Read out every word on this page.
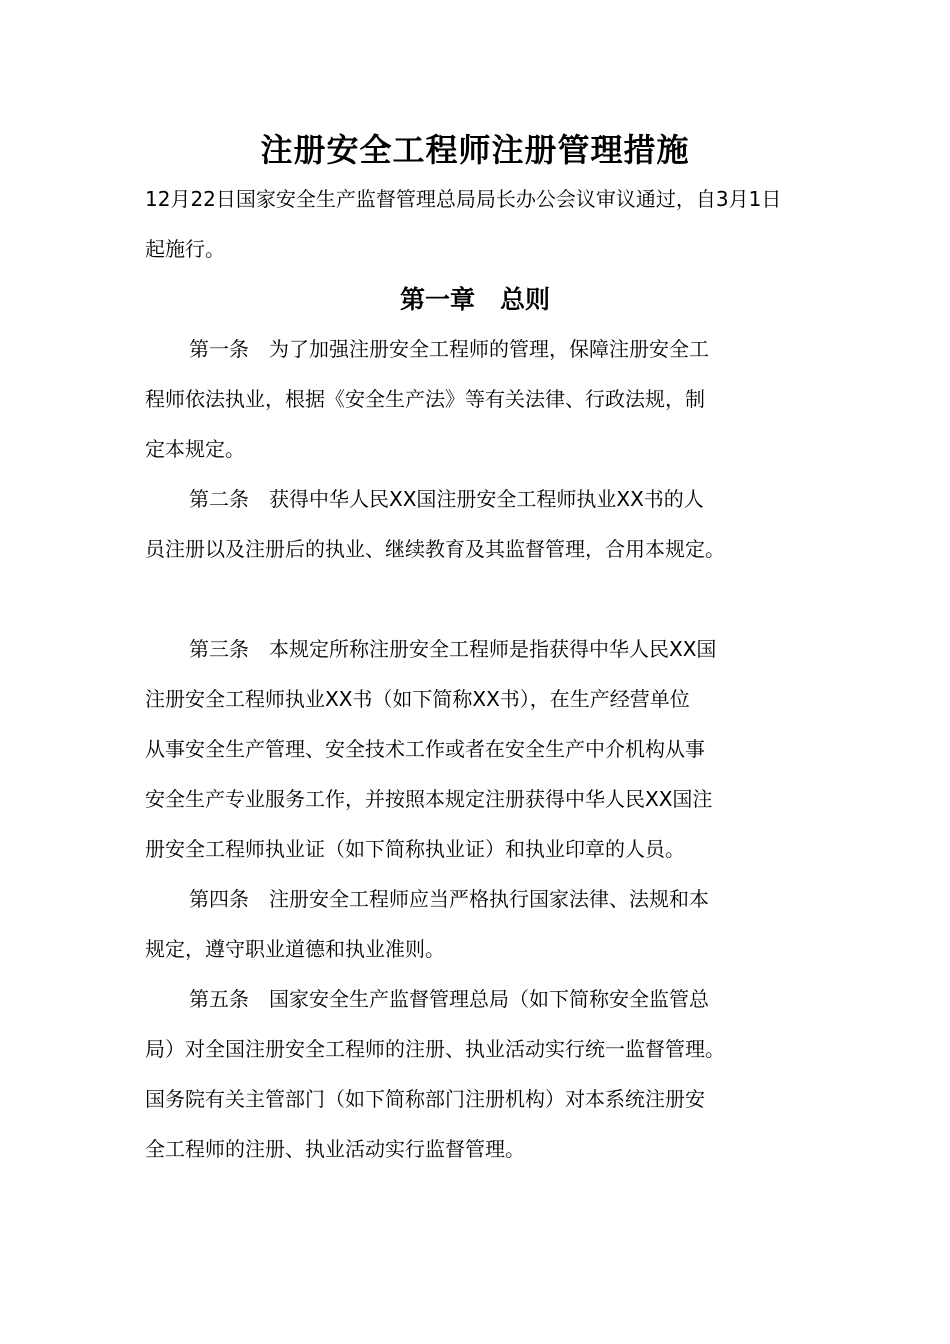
注册安全工程师注册管理措施
12月22日国家安全生产监督管理总局局长办公会议审议通过，自3月1日
起施行。
第一章　总则
第一条　为了加强注册安全工程师的管理，保障注册安全工
程师依法执业，根据《安全生产法》等有关法律、行政法规，制
定本规定。
第二条　获得中华人民XX国注册安全工程师执业XX书的人
员注册以及注册后的执业、继续教育及其监督管理，合用本规定。
第三条　本规定所称注册安全工程师是指获得中华人民XX国
注册安全工程师执业XX书（如下简称XX书），在生产经营单位
从事安全生产管理、安全技术工作或者在安全生产中介机构从事
安全生产专业服务工作，并按照本规定注册获得中华人民XX国注
册安全工程师执业证（如下简称执业证）和执业印章的人员。
第四条　注册安全工程师应当严格执行国家法律、法规和本
规定，遵守职业道德和执业准则。
第五条　国家安全生产监督管理总局（如下简称安全监管总
局）对全国注册安全工程师的注册、执业活动实行统一监督管理。
国务院有关主管部门（如下简称部门注册机构）对本系统注册安
全工程师的注册、执业活动实行监督管理。
